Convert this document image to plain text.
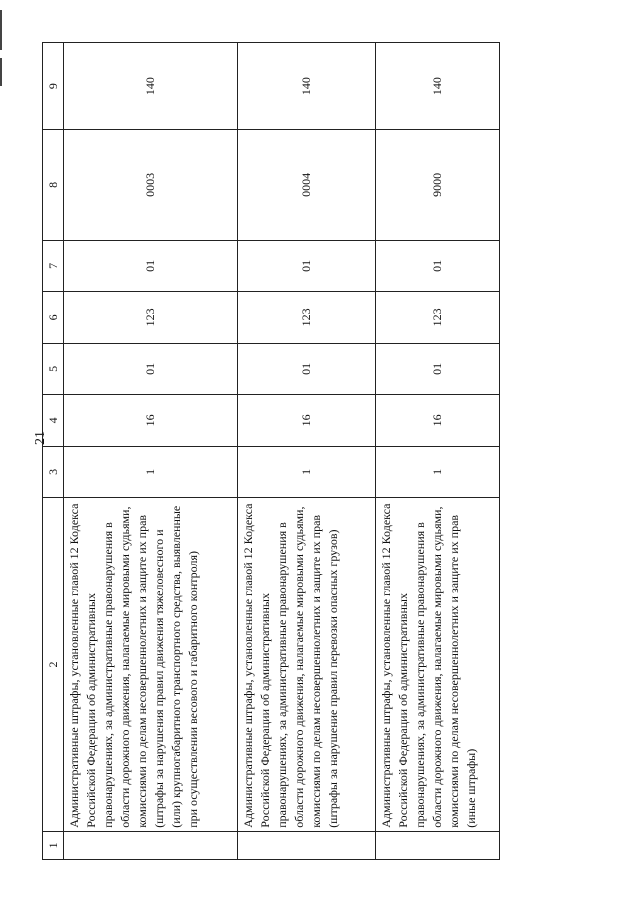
21
1	2	3	4	5	6	7	8	9
	Административные штрафы, установленные главой 12 Кодекса Российской Федерации об административных правонарушениях, за административные правонарушения в области дорожного движения, налагаемые мировыми судьями, комиссиями по делам несовершеннолетних и защите их прав (штрафы за нарушения правил движения тяжеловесного и (или) крупногабаритного транспортного средства, выявленные при осуществлении весового и габаритного контроля)	1	16	01	123	01	0003	140
	Административные штрафы, установленные главой 12 Кодекса Российской Федерации об административных правонарушениях, за административные правонарушения в области дорожного движения, налагаемые мировыми судьями, комиссиями по делам несовершеннолетних и защите их прав (штрафы за нарушение правил перевозки опасных грузов)	1	16	01	123	01	0004	140
	Административные штрафы, установленные главой 12 Кодекса Российской Федерации об административных правонарушениях, за административные правонарушения в области дорожного движения, налагаемые мировыми судьями, комиссиями по делам несовершеннолетних и защите их прав (иные штрафы)	1	16	01	123	01	9000	140
